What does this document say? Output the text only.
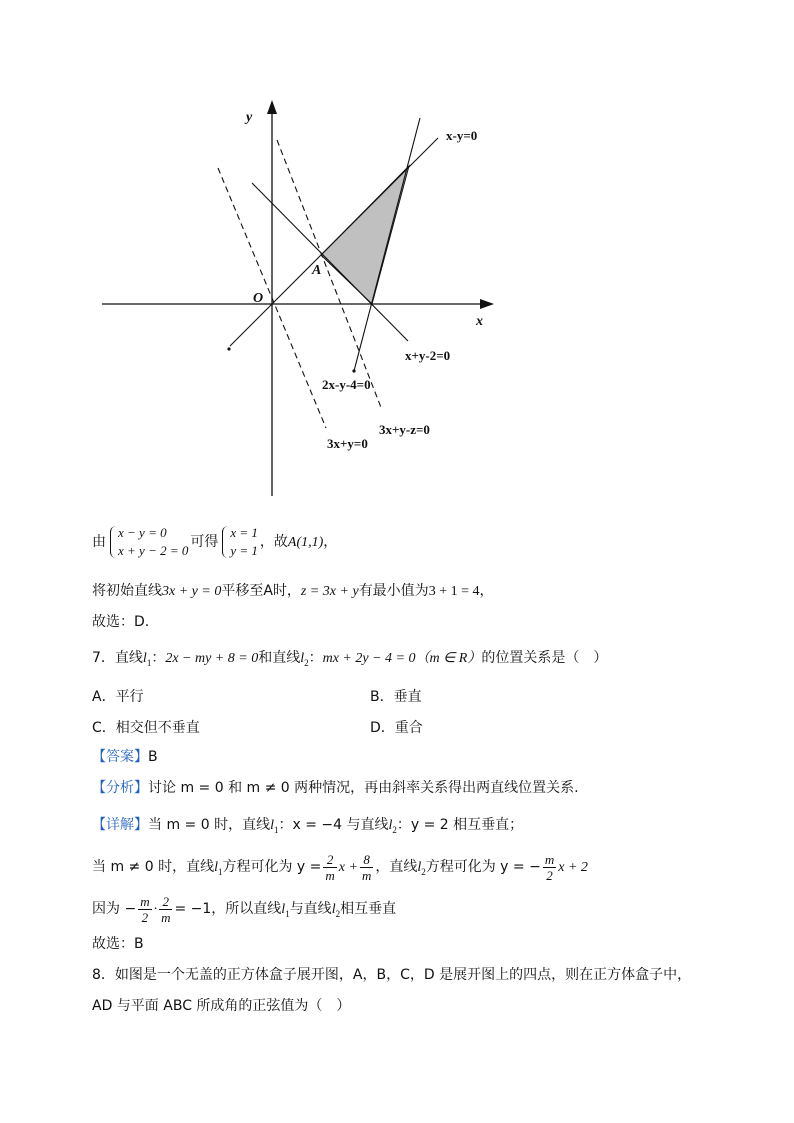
y
x
O
A
x-y=0
x+y-2=0
2x-y-4=0
3x+y-z=0
3x+y=0
由
x − y = 0
x + y − 2 = 0
可得
x = 1
y = 1
，故A(1,1)，
将初始直线3x + y = 0平移至A时，z = 3x + y有最小值为3 + 1 = 4，
故选：D.
7．直线$l_1$：2x − my + 8 = 0和直线$l_2$：mx + 2y − 4 = 0（m ∈ R）的位置关系是（　）
A．平行	B．垂直
C．相交但不垂直	D．重合
【答案】B
【分析】讨论 m = 0 和 m ≠ 0 两种情况，再由斜率关系得出两直线位置关系.
【详解】当 m = 0 时，直线$l_1$：x = −4 与直线$l_2$：y = 2 相互垂直；
当 m ≠ 0 时，直线$l_1$方程可化为 $y = \frac{2}{m}$ $x + \frac{8}{m}$ ，直线$l_2$方程可化为 y = − $\frac{m}{2}$ x + 2
因为 − $\frac{m}{2} \cdot \frac{2}{m} = -1$，所以直线$l_1$与直线$l_2$相互垂直
故选：B
8．如图是一个无盖的正方体盒子展开图，A，B，C，D 是展开图上的四点，则在正方体盒子中，
AD 与平面 ABC 所成角的正弦值为（　）
